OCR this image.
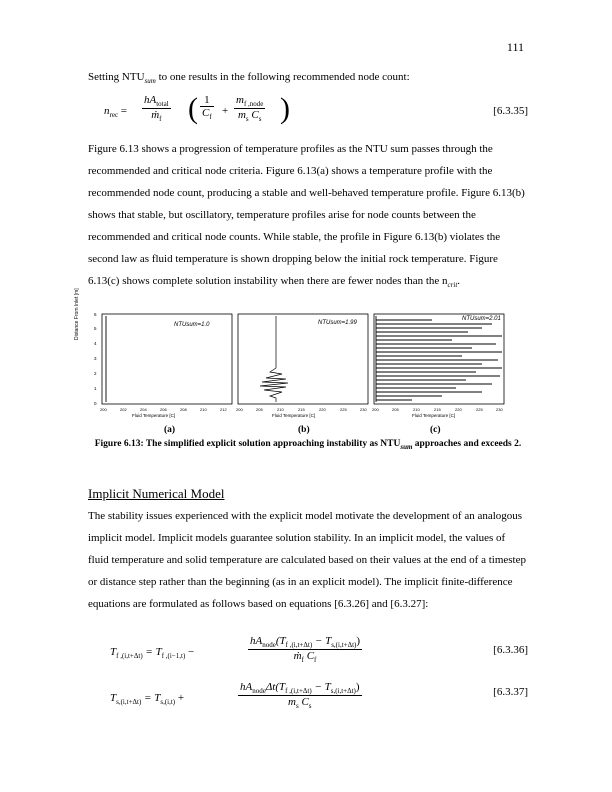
111
Setting $NTU_{sum}$ to one results in the following recommended node count:
$n_{rec}$ =
$hA_{total}$
ṁ$_f$ ( $\frac{1}{C_f}$ +
$m_{f ,node}$
$m_s$ $C_s$ )	[6.3.35]
Figure 6.13 shows a progression of temperature profiles as the NTU sum passes through the recommended and critical node criteria. Figure 6.13(a) shows a temperature profile with the recommended node count, producing a stable and well-behaved temperature profile. Figure 6.13(b) shows that stable, but oscillatory, temperature profiles arise for node counts between the recommended and critical node counts. While stable, the profile in Figure 6.13(b) violates the second law as fluid temperature is shown dropping below the initial rock temperature. Figure 6.13(c) shows complete solution instability when there are fewer nodes than the $n_{crit}$.
Distance From Inlet [m]
0
1
2
3
4
5
6
NTUsum=1.0
200	202	204	206	208	210	212
Fluid Temperature [C]
NTUsum=1.99
200	205	210	215	220	225	230
Fluid Temperature [C]
NTUsum=2.01
200	205	210	215	220	225	230
Fluid Temperature [C]
(a)	(b)	(c)
Figure 6.13: The simplified explicit solution approaching instability as $NTU_{sum}$ approaches and exceeds 2.
Implicit Numerical Model
The stability issues experienced with the explicit model motivate the development of an analogous implicit model. Implicit models guarantee solution stability. In an implicit model, the values of fluid temperature and solid temperature are calculated based on their values at the end of a timestep or distance step rather than the beginning (as in an explicit model). The implicit finite-difference equations are formulated as follows based on equations [6.3.26] and [6.3.27]:
$T_{f ,(i,t+\Delta t)} = T_{f ,(i-1,t)}$ −
$hA_{node}(T_{f ,(i,t+\Delta t)} - T_{s,(i,t+\Delta t)})$
ṁ$_f$ $C_f$
[6.3.36]
$T_{s,(i,t+\Delta t)} = T_{s,(i,t)}$ +
$hA_{node}\Delta t(T_{f ,(i,t+\Delta t)} - T_{s,(i,t+\Delta t)})$
$m_s$ $C_s$
[6.3.37]
